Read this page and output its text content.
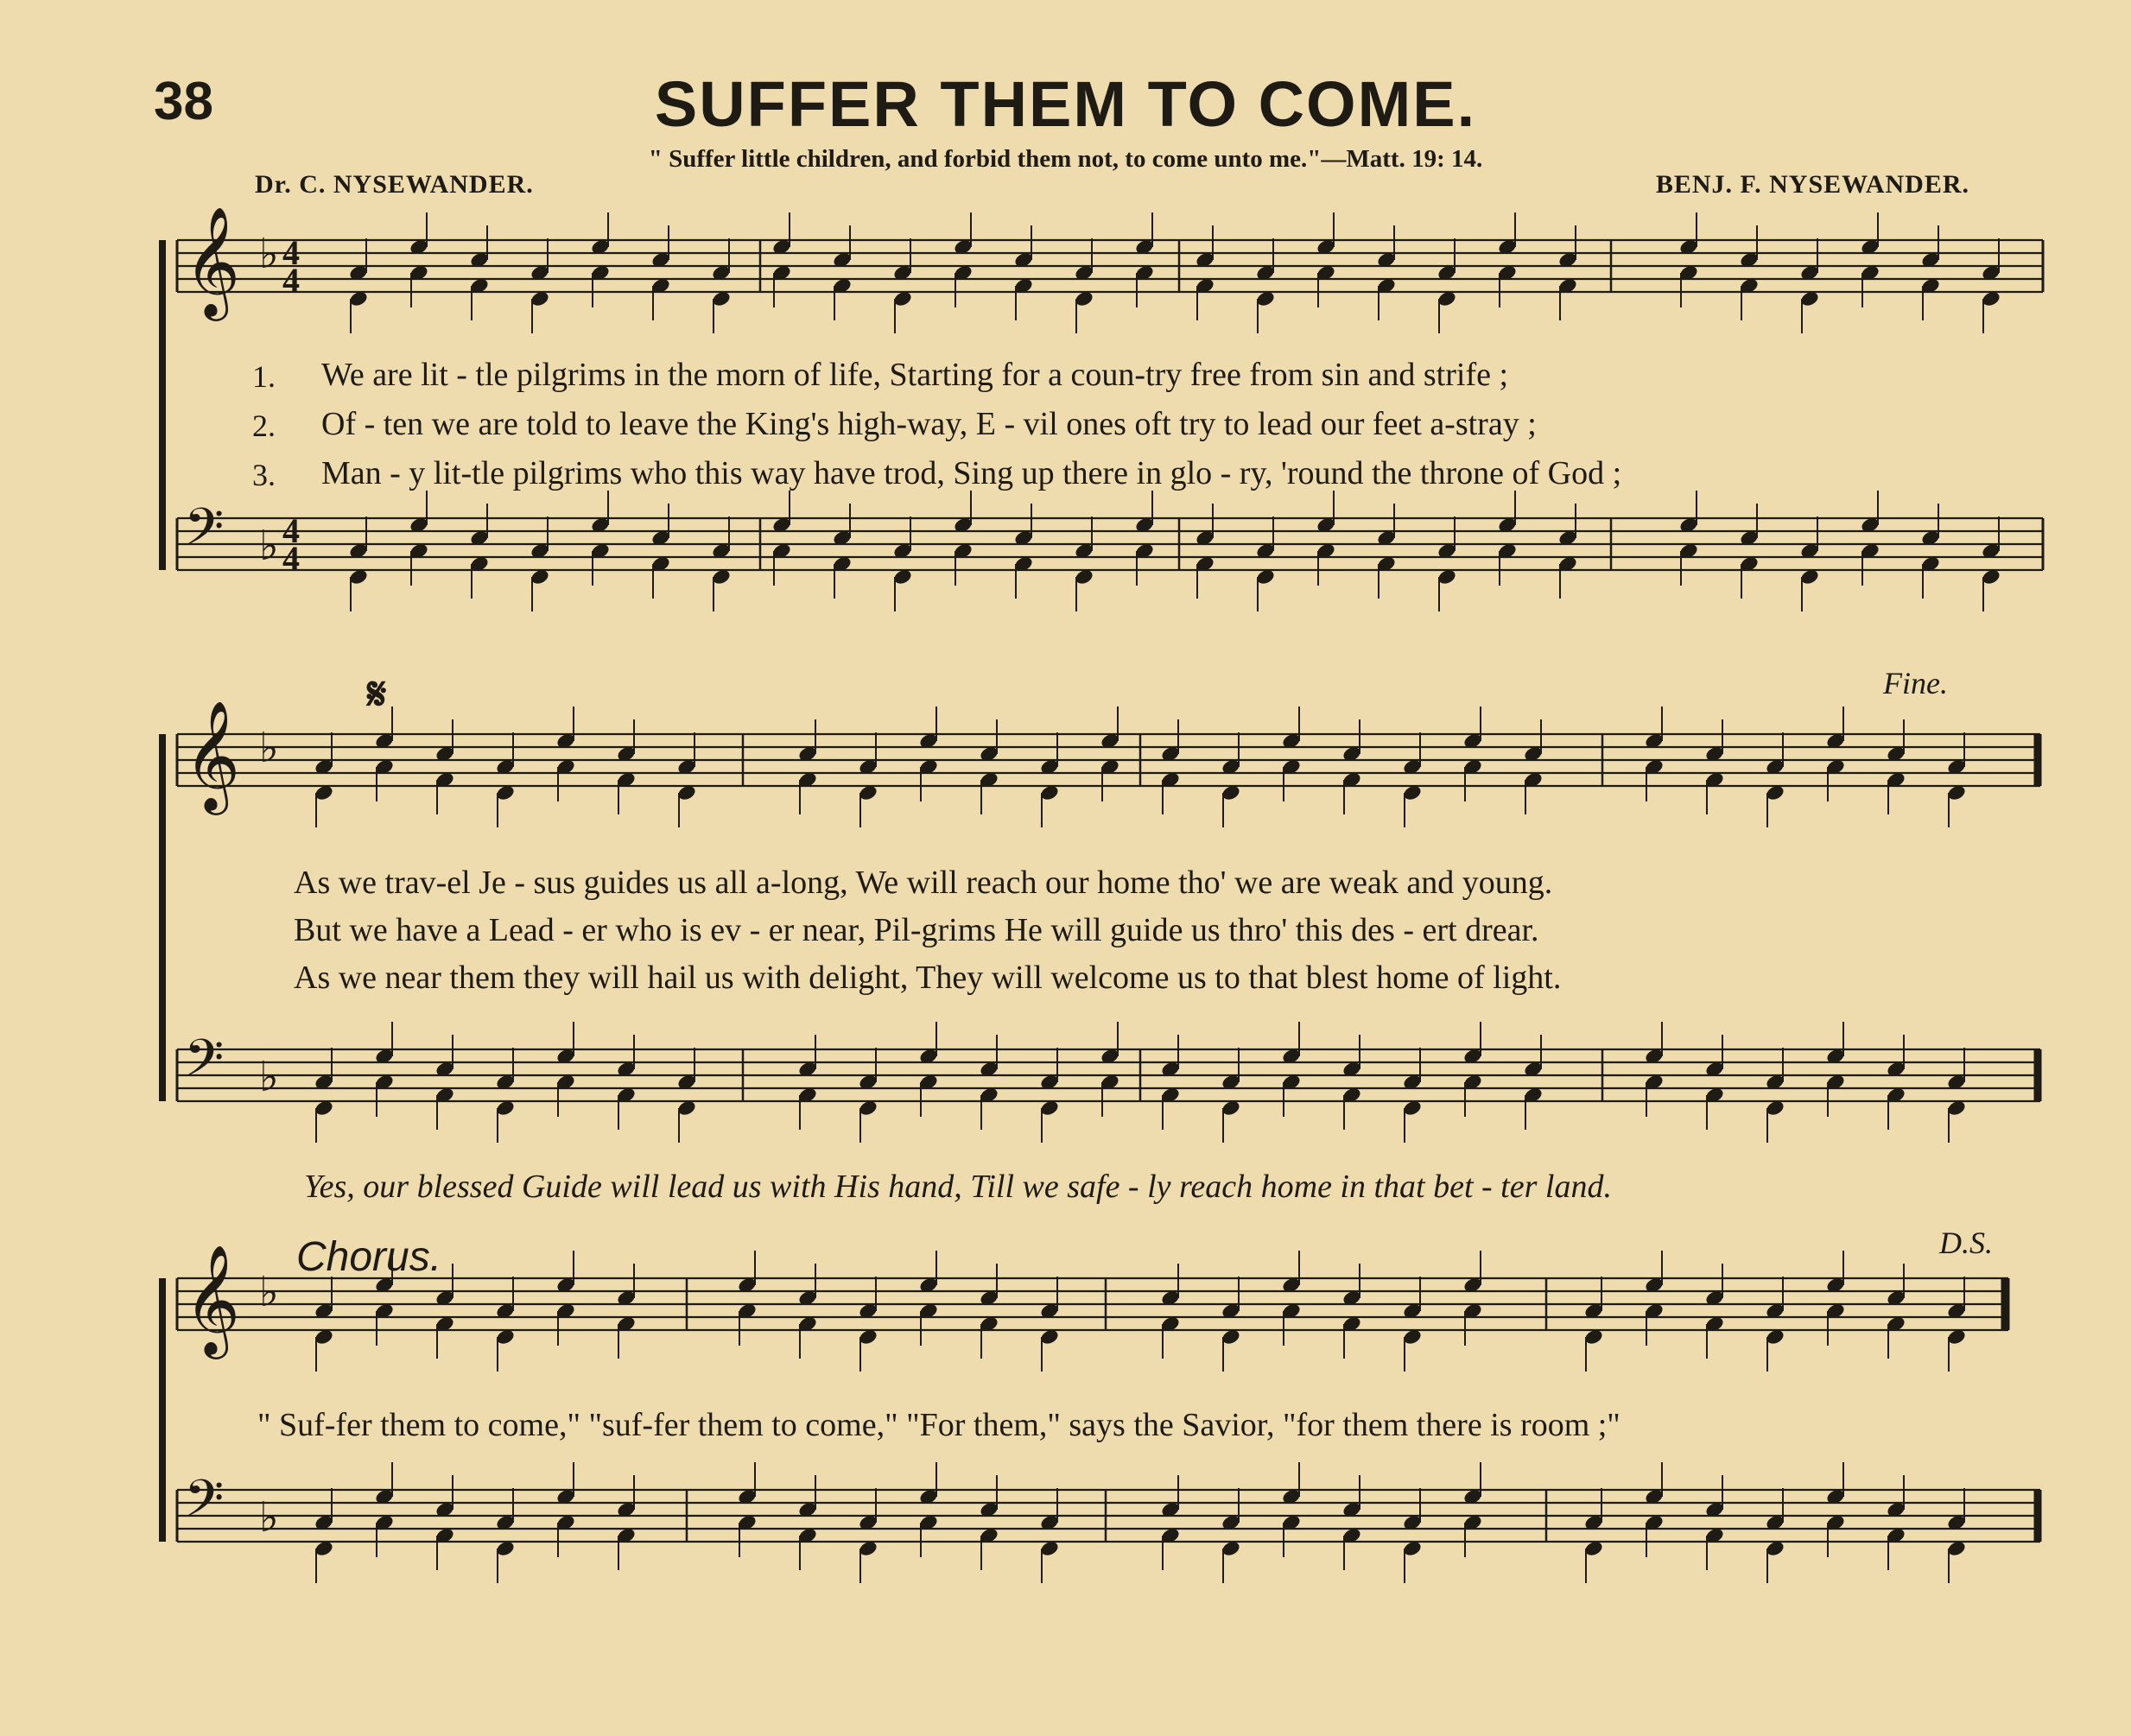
38	SUFFER THEM TO COME.
" Suffer little children, and forbid them not, to come unto me."—Matt. 19: 14.
Dr. C. NYSEWANDER.	BENJ. F. NYSEWANDER.
𝄞 ♭ 4
4
𝄢 ♭ 4
4
𝄞 ♭
𝄢 ♭
𝄞 ♭
𝄢 ♭
𝄋	Fine.
D.S.
Chorus.
1. We are lit - tle pilgrims in the morn of life, Starting for a coun-try free from sin and strife ;
2. Of - ten we are told to leave the King's high-way, E - vil ones oft try to lead our feet a-stray ;
3. Man - y lit-tle pilgrims who this way have trod, Sing up there in glo - ry, 'round the throne of God ;
As we trav-el Je - sus guides us all a-long, We will reach our home tho' we are weak and young.
But we have a Lead - er who is ev - er near, Pil-grims He will guide us thro' this des - ert drear.
As we near them they will hail us with delight, They will welcome us to that blest home of light.
Yes, our blessed Guide will lead us with His hand, Till we safe - ly reach home in that bet - ter land.
" Suf-fer them to come," "suf-fer them to come," "For them," says the Savior, "for them there is room ;"
